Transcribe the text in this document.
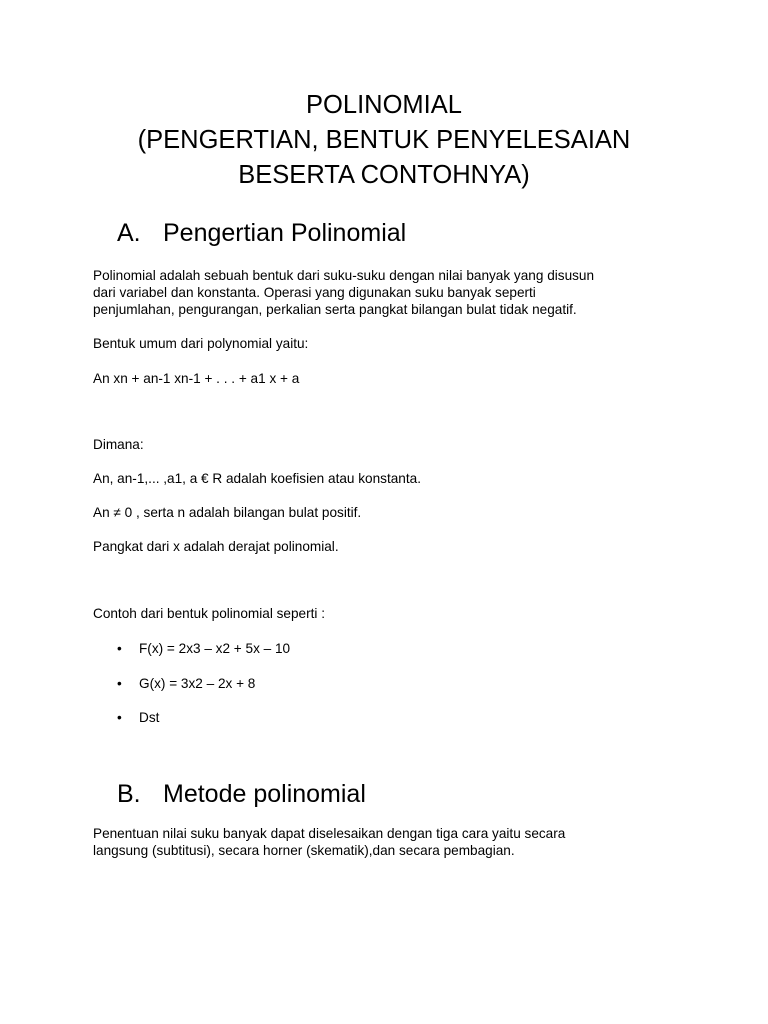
POLINOMIAL
(PENGERTIAN, BENTUK PENYELESAIAN
BESERTA CONTOHNYA)
A. Pengertian Polinomial
Polinomial adalah sebuah bentuk dari suku-suku dengan nilai banyak yang disusun
dari variabel dan konstanta. Operasi yang digunakan suku banyak seperti
penjumlahan, pengurangan, perkalian serta pangkat bilangan bulat tidak negatif.
Bentuk umum dari polynomial yaitu:
An xn + an-1 xn-1 + . . . + a1 x + a
Dimana:
An, an-1,... ,a1, a € R adalah koefisien atau konstanta.
An ≠ 0 , serta n adalah bilangan bulat positif.
Pangkat dari x adalah derajat polinomial.
Contoh dari bentuk polinomial seperti :
•	F(x) = 2x3 – x2 + 5x – 10
•	G(x) = 3x2 – 2x + 8
•	Dst
B. Metode polinomial
Penentuan nilai suku banyak dapat diselesaikan dengan tiga cara yaitu secara
langsung (subtitusi), secara horner (skematik),dan secara pembagian.
